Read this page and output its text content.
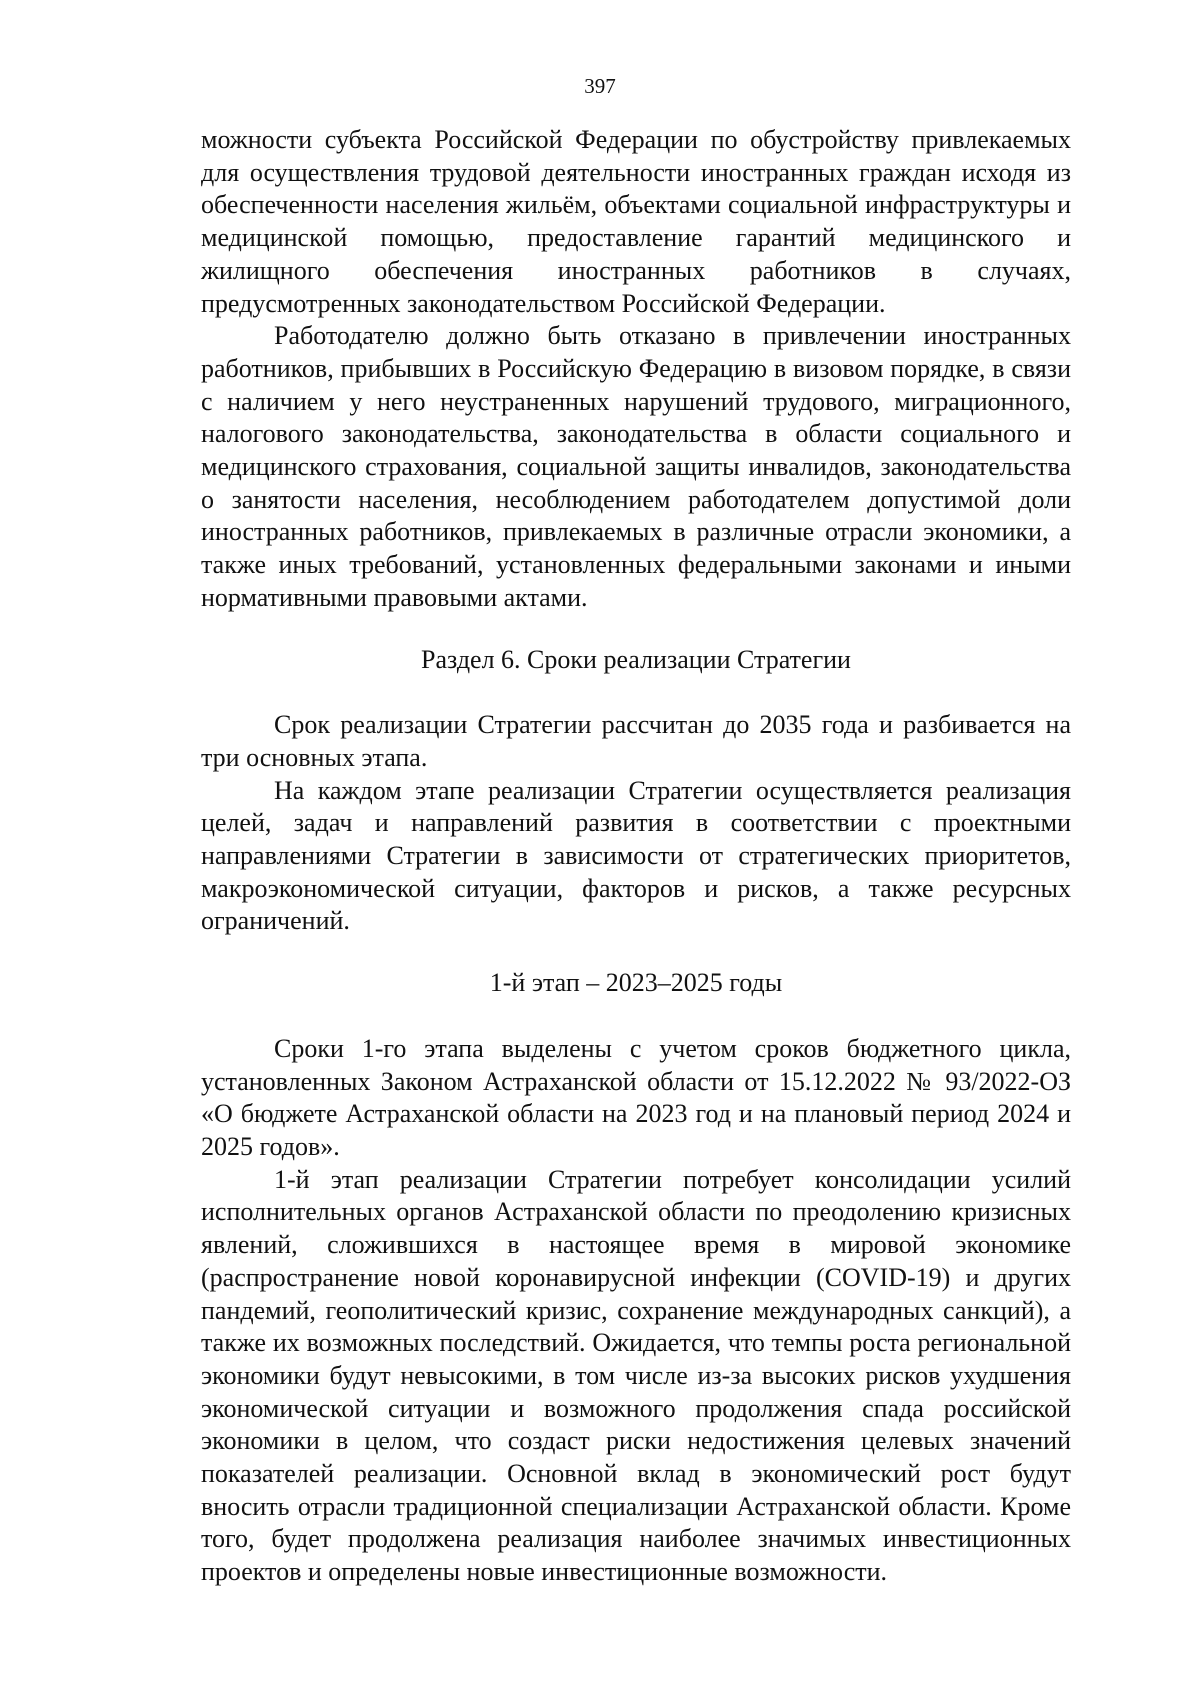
397

можности субъекта Российской Федерации по обустройству привлекаемых для осуществления трудовой деятельности иностранных граждан исходя из обеспеченности населения жильём, объектами социальной инфраструктуры и медицинской помощью, предоставление гарантий медицинского и жилищного обеспечения иностранных работников в случаях, предусмотренных законодательством Российской Федерации.

Работодателю должно быть отказано в привлечении иностранных работников, прибывших в Российскую Федерацию в визовом порядке, в связи с наличием у него неустраненных нарушений трудового, миграционного, налогового законодательства, законодательства в области социального и медицинского страхования, социальной защиты инвалидов, законодательства о занятости населения, несоблюдением работодателем допустимой доли иностранных работников, привлекаемых в различные отрасли экономики, а также иных требований, установленных федеральными законами и иными нормативными правовыми актами.

Раздел 6. Сроки реализации Стратегии

Срок реализации Стратегии рассчитан до 2035 года и разбивается на три основных этапа.

На каждом этапе реализации Стратегии осуществляется реализация целей, задач и направлений развития в соответствии с проектными направлениями Стратегии в зависимости от стратегических приоритетов, макроэкономической ситуации, факторов и рисков, а также ресурсных ограничений.

1-й этап – 2023–2025 годы

Сроки 1-го этапа выделены с учетом сроков бюджетного цикла, установленных Законом Астраханской области от 15.12.2022 № 93/2022-ОЗ «О бюджете Астраханской области на 2023 год и на плановый период 2024 и 2025 годов».

1-й этап реализации Стратегии потребует консолидации усилий исполнительных органов Астраханской области по преодолению кризисных явлений, сложившихся в настоящее время в мировой экономике (распространение новой коронавирусной инфекции (COVID-19) и других пандемий, геополитический кризис, сохранение международных санкций), а также их возможных последствий. Ожидается, что темпы роста региональной экономики будут невысокими, в том числе из-за высоких рисков ухудшения экономической ситуации и возможного продолжения спада российской экономики в целом, что создаст риски недостижения целевых значений показателей реализации. Основной вклад в экономический рост будут вносить отрасли традиционной специализации Астраханской области. Кроме того, будет продолжена реализация наиболее значимых инвестиционных проектов и определены новые инвестиционные возможности.
